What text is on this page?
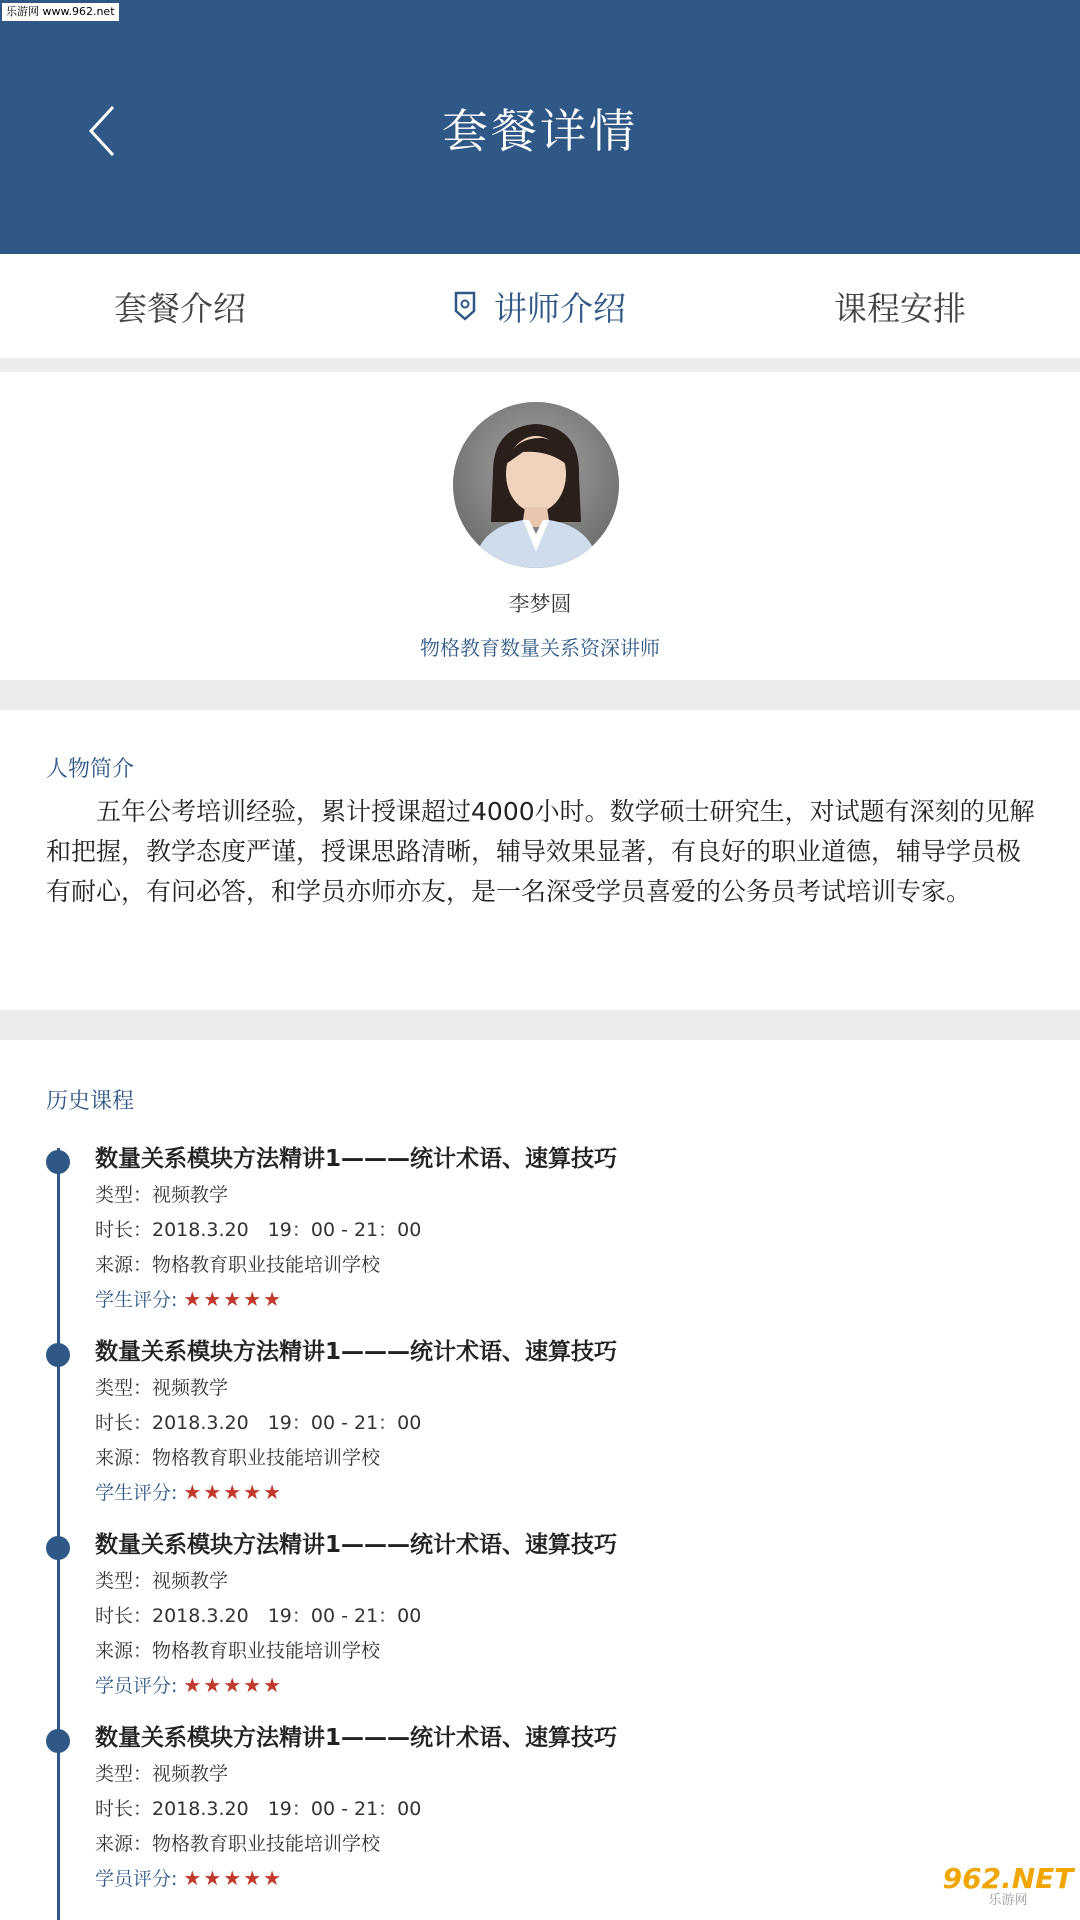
乐游网 www.962.net
套餐详情
套餐介绍	讲师介绍	课程安排
李梦圆
物格教育数量关系资深讲师
人物简介
五年公考培训经验，累计授课超过4000小时。数学硕士研究生，对试题有深刻的见解和把握，教学态度严谨，授课思路清晰，辅导效果显著，有良好的职业道德，辅导学员极有耐心，有问必答，和学员亦师亦友，是一名深受学员喜爱的公务员考试培训专家。
历史课程
数量关系模块方法精讲1———统计术语、速算技巧
类型：视频教学
时长：2018.3.20　19：00 - 21：00
来源：物格教育职业技能培训学校
学生评分: ★★★★★
数量关系模块方法精讲1———统计术语、速算技巧
类型：视频教学
时长：2018.3.20　19：00 - 21：00
来源：物格教育职业技能培训学校
学生评分: ★★★★★
数量关系模块方法精讲1———统计术语、速算技巧
类型：视频教学
时长：2018.3.20　19：00 - 21：00
来源：物格教育职业技能培训学校
学员评分: ★★★★★
数量关系模块方法精讲1———统计术语、速算技巧
类型：视频教学
时长：2018.3.20　19：00 - 21：00
来源：物格教育职业技能培训学校
学员评分: ★★★★★	962.NET
乐游网
